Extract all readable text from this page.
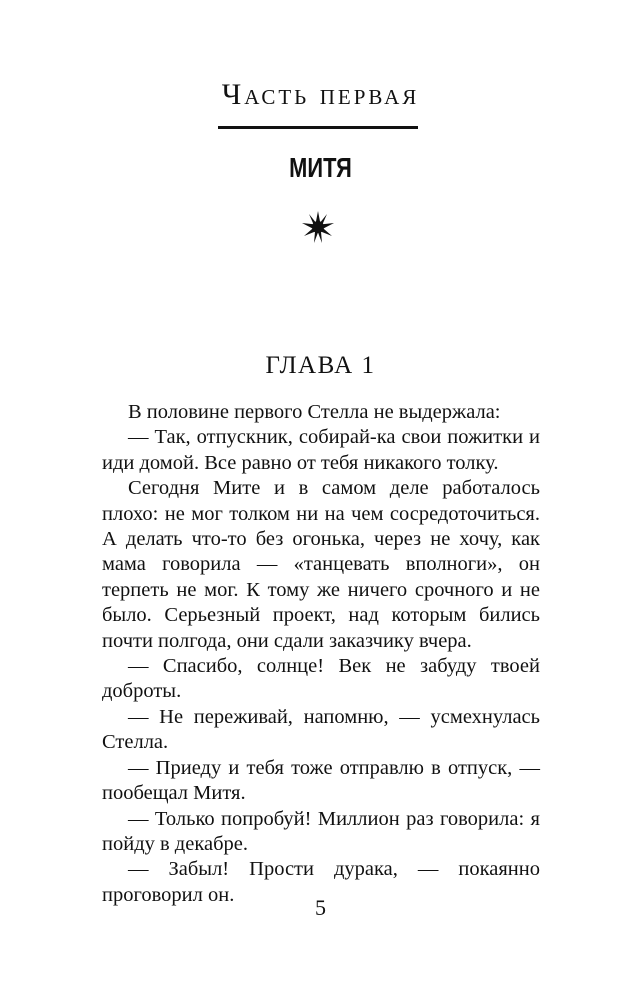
Часть первая
МИТЯ
ГЛАВА 1

В половине первого Стелла не выдержала:

— Так, отпускник, собирай-ка свои пожитки и иди домой. Все равно от тебя никакого толку.

Сегодня Мите и в самом деле работалось плохо: не мог толком ни на чем сосредоточиться. А делать что-то без огонька, через не хочу, как мама говорила — «танцевать вполноги», он терпеть не мог. К тому же ничего срочного и не было. Серьезный проект, над которым бились почти полгода, они сдали заказчику вчера.

— Спасибо, солнце! Век не забуду твоей доброты.

— Не переживай, напомню, — усмехнулась Стелла.

— Приеду и тебя тоже отправлю в отпуск, — пообещал Митя.

— Только попробуй! Миллион раз говорила: я пойду в декабре.

— Забыл! Прости дурака, — покаянно проговорил он.

5
